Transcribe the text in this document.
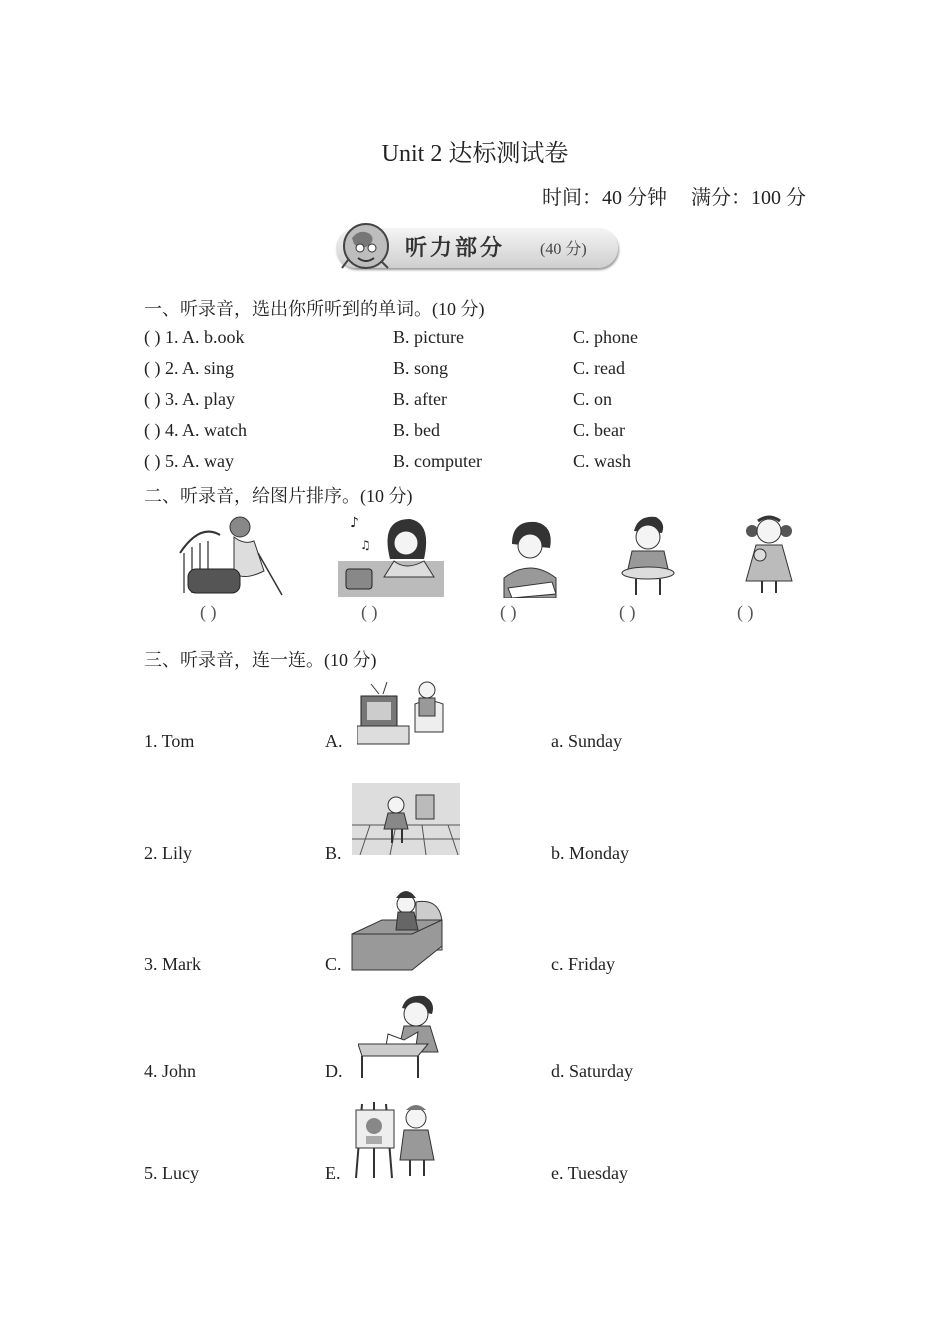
Unit 2 达标测试卷
时间：40 分钟 满分：100 分
听力部分 (40 分)
一、听录音，选出你所听到的单词。(10 分)
( ) 1. A. b.ook	B. picture	C. phone
( ) 2. A. sing	B. song	C. read
( ) 3. A. play	B. after	C. on
( ) 4. A. watch	B. bed	C. bear
( ) 5. A. way	B. computer	C. wash
二、听录音，给图片排序。(10 分)
( )
♪
♫
( )	( )	( )	( )
三、听录音，连一连。(10 分)
1. Tom	A.	a. Sunday
2. Lily	B.	b. Monday
3. Mark	C.	c. Friday
4. John	D.	d. Saturday
5. Lucy	E.	e. Tuesday
